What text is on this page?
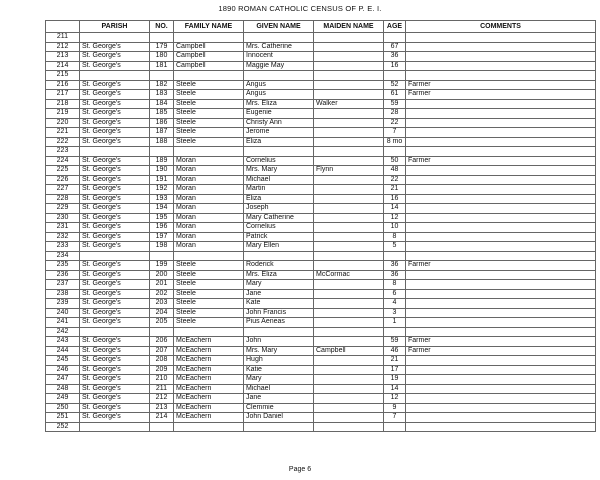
1890 ROMAN CATHOLIC CENSUS OF P. E. I.
	PARISH	NO.	FAMILY NAME	GIVEN NAME	MAIDEN NAME	AGE	COMMENTS
211							
212	St. George's	179	Campbell	Mrs. Catherine		67	
213	St. George's	180	Campbell	Innocent		36	
214	St. George's	181	Campbell	Maggie May		16	
215							
216	St. George's	182	Steele	Angus		52	Farmer
217	St. George's	183	Steele	Angus		61	Farmer
218	St. George's	184	Steele	Mrs. Eliza	Walker	59	
219	St. George's	185	Steele	Eugenie		28	
220	St. George's	186	Steele	Christy Ann		22	
221	St. George's	187	Steele	Jerome		7	
222	St. George's	188	Steele	Eliza		8 mo	
223							
224	St. George's	189	Moran	Cornelius		50	Farmer
225	St. George's	190	Moran	Mrs. Mary	Flynn	48	
226	St. George's	191	Moran	Michael		22	
227	St. George's	192	Moran	Martin		21	
228	St. George's	193	Moran	Eliza		16	
229	St. George's	194	Moran	Joseph		14	
230	St. George's	195	Moran	Mary Catherine		12	
231	St. George's	196	Moran	Cornelius		10	
232	St. George's	197	Moran	Patrick		8	
233	St. George's	198	Moran	Mary Ellen		5	
234							
235	St. George's	199	Steele	Roderick		36	Farmer
236	St. George's	200	Steele	Mrs. Eliza	McCormac	36	
237	St. George's	201	Steele	Mary		8	
238	St. George's	202	Steele	Jane		6	
239	St. George's	203	Steele	Kate		4	
240	St. George's	204	Steele	John Francis		3	
241	St. George's	205	Steele	Pius Aeneas		1	
242							
243	St. George's	206	McEachern	John		59	Farmer
244	St. George's	207	McEachern	Mrs. Mary	Campbell	46	Farmer
245	St. George's	208	McEachern	Hugh		21	
246	St. George's	209	McEachern	Katie		17	
247	St. George's	210	McEachern	Mary		19	
248	St. George's	211	McEachern	Michael		14	
249	St. George's	212	McEachern	Jane		12	
250	St. George's	213	McEachern	Clemmie		9	
251	St. George's	214	McEachern	John Daniel		7	
252							
Page 6
